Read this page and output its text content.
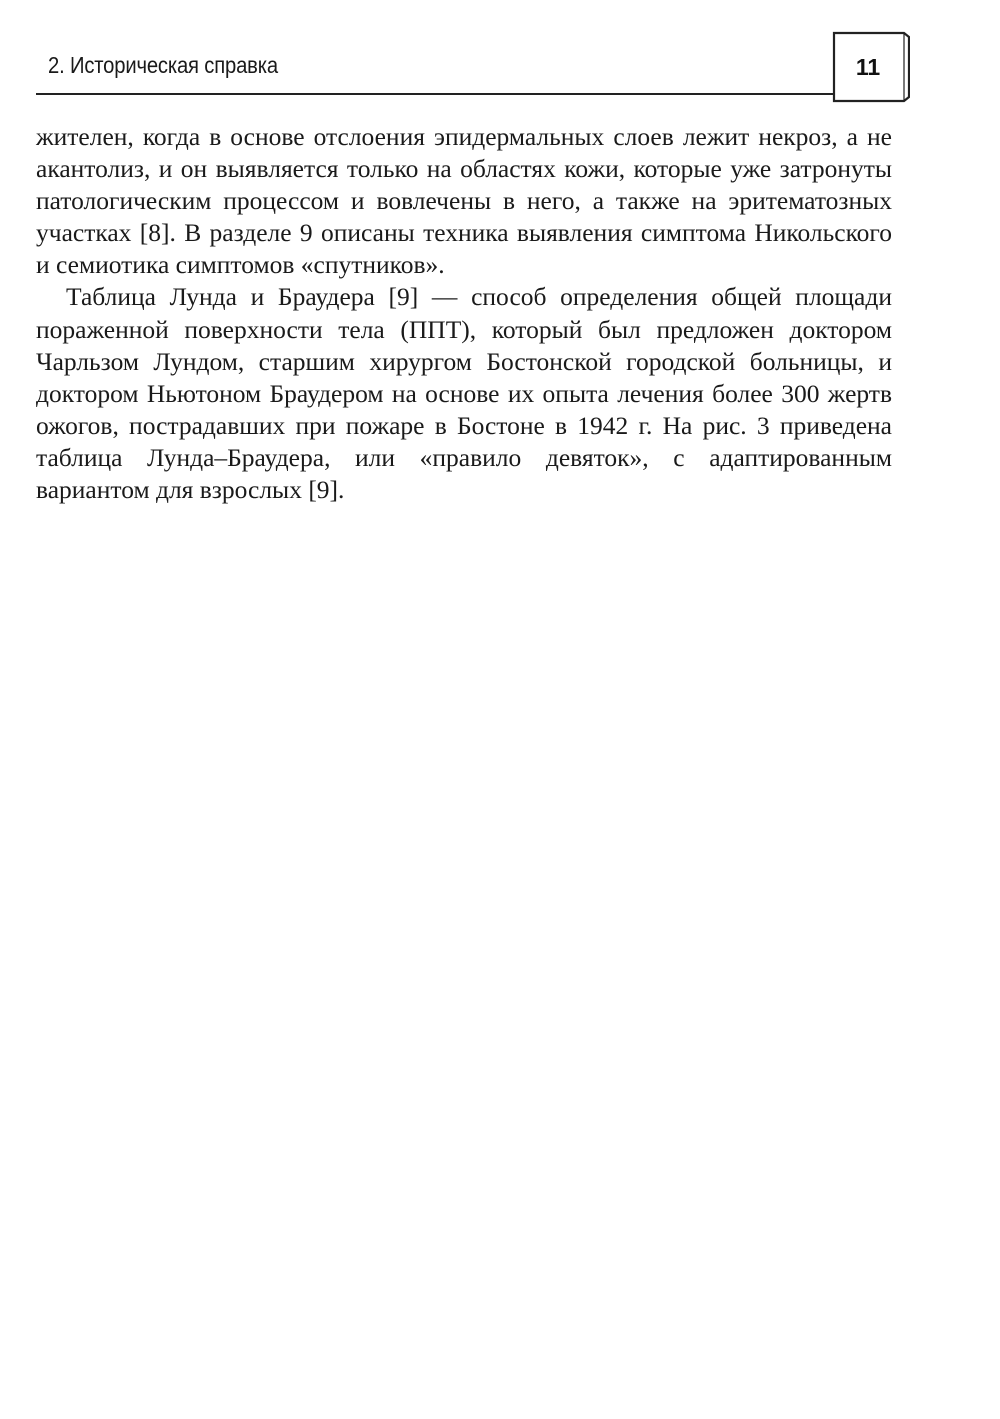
2. Историческая справка	11

жителен, когда в основе отслоения эпидермальных слоев лежит некроз, а не акантолиз, и он выявляется только на областях кожи, которые уже затронуты патологическим процессом и вовлечены в него, а также на эритематозных участках [8]. В разделе 9 описаны техника выявления симптома Никольского и семиотика симптомов «спутников».

Таблица Лунда и Браудера [9] — способ определения общей площади пораженной поверхности тела (ППТ), который был предложен доктором Чарльзом Лундом, старшим хирургом Бостонской городской больницы, и доктором Ньютоном Браудером на основе их опыта лечения более 300 жертв ожогов, пострадавших при пожаре в Бостоне в 1942 г. На рис. 3 приведена таблица Лунда–Браудера, или «правило девяток», с адаптированным вариантом для взрослых [9].
